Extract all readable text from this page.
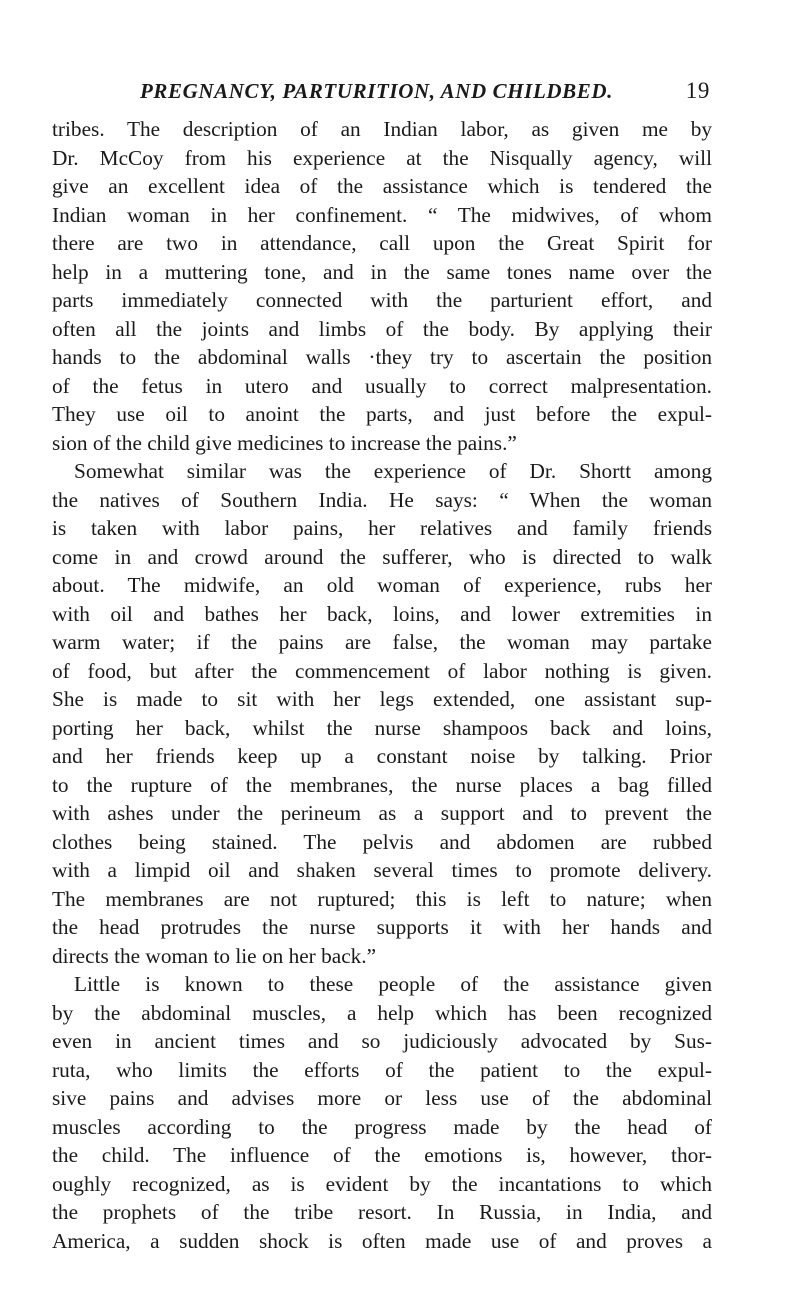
PREGNANCY, PARTURITION, AND CHILDBED.	19
tribes. The description of an Indian labor, as given me by
Dr. McCoy from his experience at the Nisqually agency, will
give an excellent idea of the assistance which is tendered the
Indian woman in her confinement. “ The midwives, of whom
there are two in attendance, call upon the Great Spirit for
help in a muttering tone, and in the same tones name over the
parts immediately connected with the parturient effort, and
often all the joints and limbs of the body. By applying their
hands to the abdominal walls ·they try to ascertain the position
of the fetus in utero and usually to correct malpresentation.
They use oil to anoint the parts, and just before the expul-
sion of the child give medicines to increase the pains.”
Somewhat similar was the experience of Dr. Shortt among
the natives of Southern India. He says: “ When the woman
is taken with labor pains, her relatives and family friends
come in and crowd around the sufferer, who is directed to walk
about. The midwife, an old woman of experience, rubs her
with oil and bathes her back, loins, and lower extremities in
warm water; if the pains are false, the woman may partake
of food, but after the commencement of labor nothing is given.
She is made to sit with her legs extended, one assistant sup-
porting her back, whilst the nurse shampoos back and loins,
and her friends keep up a constant noise by talking. Prior
to the rupture of the membranes, the nurse places a bag filled
with ashes under the perineum as a support and to prevent the
clothes being stained. The pelvis and abdomen are rubbed
with a limpid oil and shaken several times to promote delivery.
The membranes are not ruptured; this is left to nature; when
the head protrudes the nurse supports it with her hands and
directs the woman to lie on her back.”
Little is known to these people of the assistance given
by the abdominal muscles, a help which has been recognized
even in ancient times and so judiciously advocated by Sus-
ruta, who limits the efforts of the patient to the expul-
sive pains and advises more or less use of the abdominal
muscles according to the progress made by the head of
the child. The influence of the emotions is, however, thor-
oughly recognized, as is evident by the incantations to which
the prophets of the tribe resort. In Russia, in India, and
America, a sudden shock is often made use of and proves a
